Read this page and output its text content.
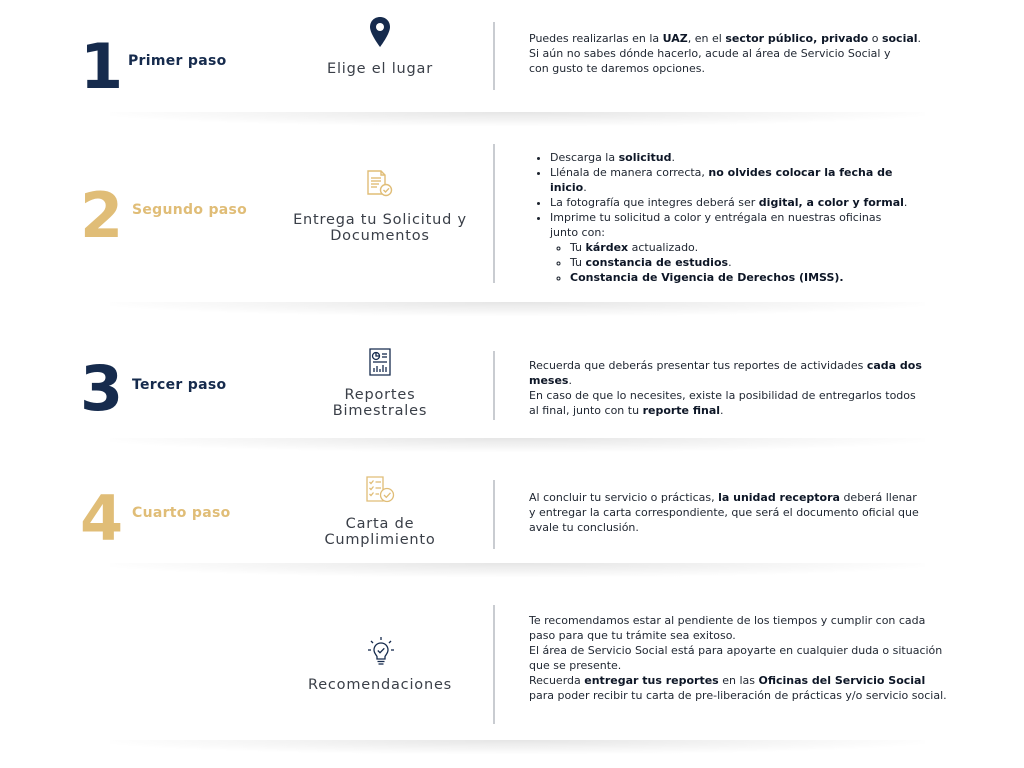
1 Primer paso	Elige el lugar
Puedes realizarlas en la UAZ, en el sector público, privado o social.
Si aún no sabes dónde hacerlo, acude al área de Servicio Social y
con gusto te daremos opciones.
2 Segundo paso
Entrega tu Solicitud y
Documentos
• Descarga la solicitud.
• Llénala de manera correcta, no olvides colocar la fecha de inicio.
• La fotografía que integres deberá ser digital, a color y formal.
• Imprime tu solicitud a color y entrégala en nuestras oficinas junto con:
◦ Tu kárdex actualizado.
◦ Tu constancia de estudios.
◦ Constancia de Vigencia de Derechos (IMSS).
3 Tercer paso
Reportes
Bimestrales
Recuerda que deberás presentar tus reportes de actividades cada dos meses.
En caso de que lo necesites, existe la posibilidad de entregarlos todos al final, junto con tu reporte final.
4 Cuarto paso
Carta de
Cumplimiento
Al concluir tu servicio o prácticas, la unidad receptora deberá llenar y entregar la carta correspondiente, que será el documento oficial que avale tu conclusión.
Recomendaciones
Te recomendamos estar al pendiente de los tiempos y cumplir con cada paso para que tu trámite sea exitoso.
El área de Servicio Social está para apoyarte en cualquier duda o situación que se presente.
Recuerda entregar tus reportes en las Oficinas del Servicio Social para poder recibir tu carta de pre-liberación de prácticas y/o servicio social.
